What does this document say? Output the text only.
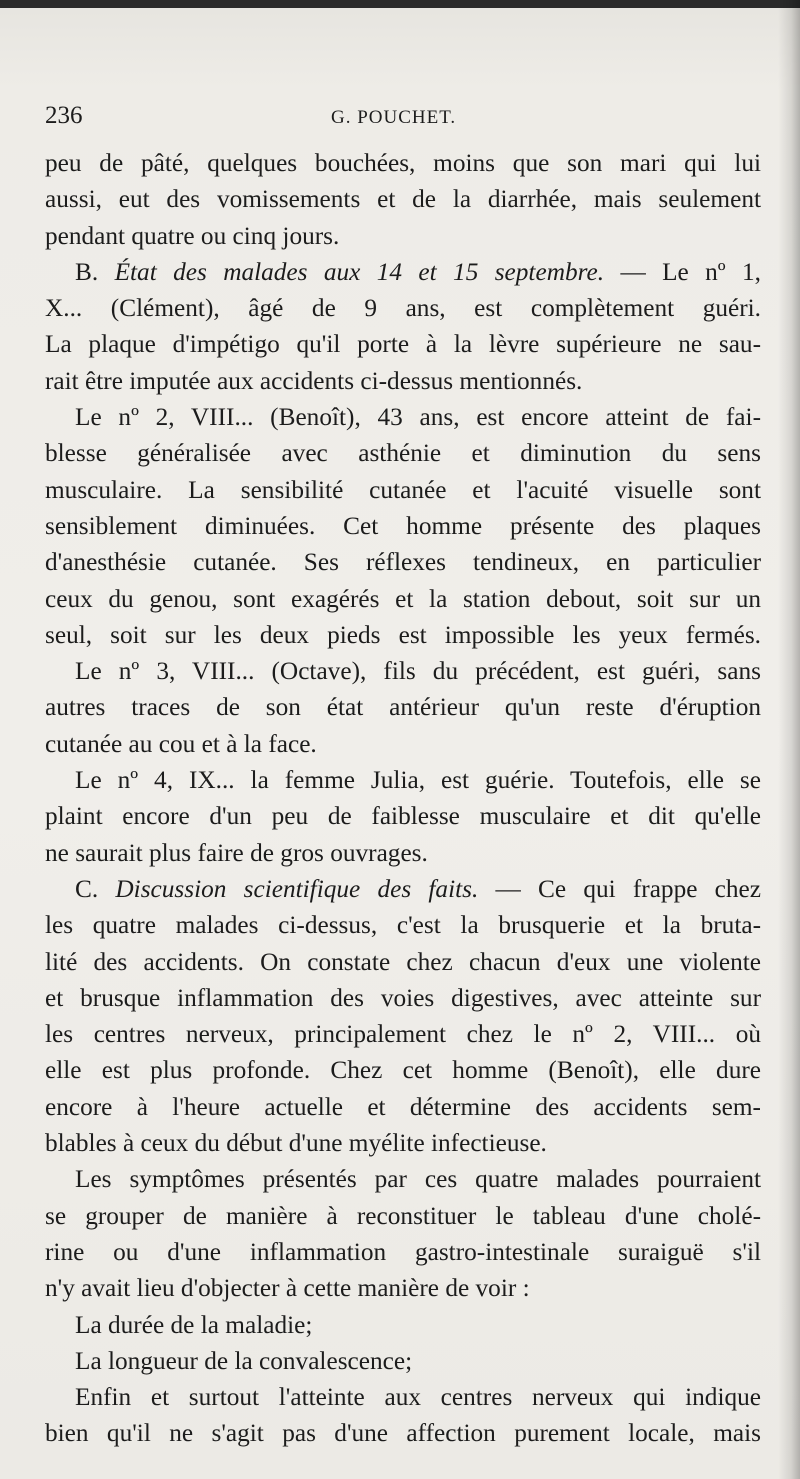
236	G. POUCHET.
peu de pâté, quelques bouchées, moins que son mari qui lui
aussi, eut des vomissements et de la diarrhée, mais seulement
pendant quatre ou cinq jours.
B. État des malades aux 14 et 15 septembre. — Le nº 1,
X... (Clément), âgé de 9 ans, est complètement guéri.
La plaque d'impétigo qu'il porte à la lèvre supérieure ne sau-
rait être imputée aux accidents ci-dessus mentionnés.
Le nº 2, VIII... (Benoît), 43 ans, est encore atteint de fai-
blesse généralisée avec asthénie et diminution du sens
musculaire. La sensibilité cutanée et l'acuité visuelle sont
sensiblement diminuées. Cet homme présente des plaques
d'anesthésie cutanée. Ses réflexes tendineux, en particulier
ceux du genou, sont exagérés et la station debout, soit sur un
seul, soit sur les deux pieds est impossible les yeux fermés.
Le nº 3, VIII... (Octave), fils du précédent, est guéri, sans
autres traces de son état antérieur qu'un reste d'éruption
cutanée au cou et à la face.
Le nº 4, IX... la femme Julia, est guérie. Toutefois, elle se
plaint encore d'un peu de faiblesse musculaire et dit qu'elle
ne saurait plus faire de gros ouvrages.
C. Discussion scientifique des faits. — Ce qui frappe chez
les quatre malades ci-dessus, c'est la brusquerie et la bruta-
lité des accidents. On constate chez chacun d'eux une violente
et brusque inflammation des voies digestives, avec atteinte sur
les centres nerveux, principalement chez le nº 2, VIII... où
elle est plus profonde. Chez cet homme (Benoît), elle dure
encore à l'heure actuelle et détermine des accidents sem-
blables à ceux du début d'une myélite infectieuse.
Les symptômes présentés par ces quatre malades pourraient
se grouper de manière à reconstituer le tableau d'une cholé-
rine ou d'une inflammation gastro-intestinale suraiguë s'il
n'y avait lieu d'objecter à cette manière de voir :
La durée de la maladie;
La longueur de la convalescence;
Enfin et surtout l'atteinte aux centres nerveux qui indique
bien qu'il ne s'agit pas d'une affection purement locale, mais
